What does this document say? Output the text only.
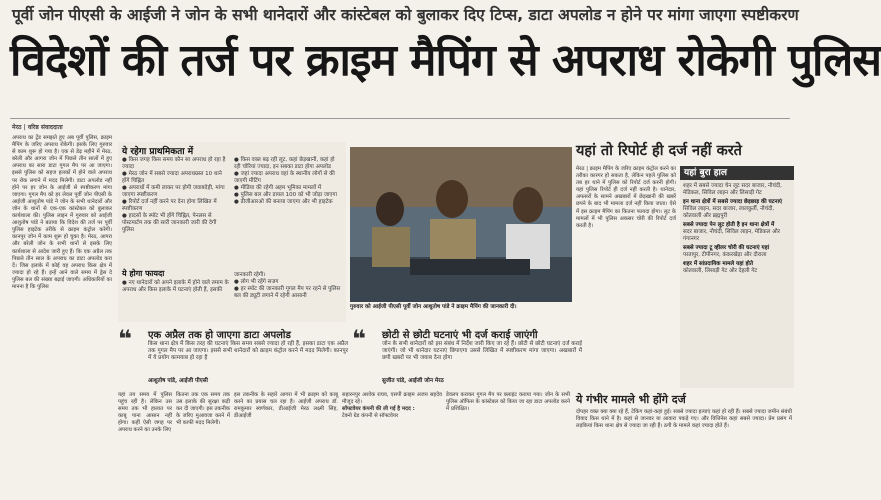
पूर्वी जोन पीएसी के आईजी ने जोन के सभी थानेदारों और कांस्टेबल को बुलाकर दिए टिप्स, डाटा अपलोड न होने पर मांगा जाएगा स्पष्टीकरण
विदेशों की तर्ज पर क्राइम मैपिंग से अपराध रोकेगी पुलिस
मेरठ | वरिष्ठ संवाददाता
अपराध का ट्रेंड समझते हुए अब पूर्वी पुलिस, क्राइम मैपिंग के जरिए अपराध रोकेगी। इसके लिए गुरुवार से काम शुरू हो गया है। एक से डेढ़ महीने में मेरठ, बरेली और आगरा जोन में पिछले तीन सालों में हुए अपराध का सारा डाटा गूगल मैप पर आ जाएगा। इससे पुलिस को सहज हलकों में होने वाले अपराध पर रोक लगाने में मदद मिलेगी। डाटा अपलोड नहीं होने पर हर जोन के आईजी से स्पष्टीकरण मांगा जाएगा। गूगल मैप को हर लेवल पूर्वी जोन पीएसी के आईजी आशुतोष पांडे ने जोन के सभी थानेदारों और जोन के थानों से एक-एक कांस्टेबल को बुलाकर कार्यशाला की। पुलिस लाइन में गुरुवार को आईजी आशुतोष पांडे ने बताया कि विदेश की तर्ज पर पूर्वी पुलिस हाइटेक तरीके से क्राइम कंट्रोल करेगी। कानपुर जोन में काम शुरू हो चुका है। मेरठ, आगरा और बरेली जोन के सभी थानों से इसके लिए कार्यशाला से आदेश जारी हुए हैं। कि एक अप्रैल तक पिछले तीन साल के अपराध का डाटा अपलोड करा दें। जिस इलाके में कोई वह अपराध किस क्षेत्र में ज्यादा हो रहे हैं। इन्हें आने वाले समय में ड्रेस दे पुलिस बल की संख्या बढ़ाई जाएगी। अधिकारियों का मानना है कि पुलिस
ये रहेगा प्राथमिकता में
● किस जगह किस समय कौन सा अपराध हो रहा है ज्यादा
● मेरठ जोन में सबसे ज्यादा अपराधग्रस्त 10 थाने होंगे चिह्नित
● अपराधों में कमी लाकर पर होगी जवाबदेही, मांगा जाएगा स्पष्टीकरण
● रिपोर्ट दर्ज नहीं करने पर देना होगा लिखित में स्पष्टीकरण
● हादसों के स्पॉट भी होंगे चिह्नित, पेनलस से पोस्टमार्टम तक की सारी जानकारी जारी की देगी पुलिस
● किस वक्त बढ़ रही लूट, कहां छेड़खानी, कहां हो रही चोरियां ज्यादा, इन सबका डाटा होगा अपलोड
● जहां ज्यादा अपराध वहां के स्थानीय लोगों से की जाएगी मीटिंग
● मीडिया की रहेगी अहम भूमिका मामलों में
● पुलिस बल और डायल 100 को भी जोड़ा जाएगा
● डीजीआरओ की बनाया जाएगा और भी हाइटेक
ये होगा फायदा
● नए थानेदारों को अपने इलाके में होने वाले तमाम के अपराध और किस इलाके में घटनाएं होती हैं, इसकी
जानकारी रहेगी।
● लोग भी रहेंगे सजग
● हर स्पॉट की जानकारी गूगल मैप पर रहने से पुलिस बल की ड्यूटी लगाने में रहेगी आसानी
गुरुवार को आईजी पीएसी पूर्वी जोन आशुतोष पांडे ने क्राइम मैपिंग की जानकारी दी।
❝	एक अप्रैल तक हो जाएगा डाटा अपलोड
किस थाना क्षेत्र में किस तरह की घटनाएं किस समय सबसे ज्यादा हो रही हैं, इसका डाटा एक अप्रैल तक गूगल मैप पर आ जाएगा। इससे सभी थानेदारों को क्राइम कंट्रोल करने में मदद मिलेगी। कानपुर में ये प्रयोग कामयाब हो रहा है
आशुतोष पांडे, आईजी पीएसी
❝	छोटी से छोटी घटनाएं भी दर्ज कराई जाएंगी
जोन के सभी थानेदारों को इस संबंध में निर्देश जारी किए जा रहे हैं। छोटी से छोटी घटनाएं दर्ज कराई जाएंगी। जो भी थानेदार घटनाएं छिपाएगा उससे लिखित में स्पष्टीकरण मांगा जाएगा। अखबारों में छपी खबरों पर भी जवाब देना होगा
सुजीत पांडे, आईजी जोन मेरठ
यहां तय समय में पुलिस पहुंच रही है। लेकिन उस समय तक भी हालात पर काबू पाना आसान नहीं होगा। कहीं ऐसी जगह पर अपराध करने का उनके लिए
कितना तक एक समय तक उस इलाके की सुरक्षा कड़ी कर दी जाएगी। इस तकनीक के जरिए मुआवजा करने में भी काफी मदद मिलेगी।
इस तकनीक के सहारे आगरा में भी क्राइम को काबू करने का प्रयास चल रहा है। आईजी अपराध डॉ. रामकुमार स्वर्णकार, डीआईजी मेरठ लक्ष्मी सिंह, डीआईजी
सहारनपुर अशोक राघव, एसपी क्राइम अजय सहदेव मौजूद रहे।
सॉफ्टवेयर कंपनी की ली गई है मदद :
टेक्नो ग्रेड कंपनी से सॉफ्टवेयर
डेवलप कराकर गूगल मैप पर क्लाइंट कराया गया। जोन के सभी पुलिस ऑफिस के कांस्टेबल को किया जा रहा डाटा अपलोड करने में प्रशिक्षित।
यहां तो रिपोर्ट ही दर्ज नहीं करते
मेरठ | क्राइम मैपिंग के जरिए क्राइम कंट्रोल करने का तरीका कारगर हो सकता है, लेकिन पहले पुलिस को तब हर थाने में पुलिस को रिपोर्ट दर्ज करनी होगी। यहां पुलिस रिपोर्ट ही दर्ज नहीं करती है। थानेदार, अफसरों के सामने अखबारों में छेड़खानी की खबरें छपने के बाद भी मामला दर्ज नहीं किया जाता। ऐसे में इस क्राइम मैपिंग का कितना फायदा होगा। लूट के मामलों में भी पुलिस अकसर चोरी की रिपोर्ट दर्ज करती है।
यहां बुरा हाल
शहर में सबसे ज्यादा चेन लूट सदर बाजार, नौचंदी, मेडिकल, सिविल लाइन और लिसाड़ी गेट
इन थाना क्षेत्रों में सबसे ज्यादा छेड़छाड़ की घटनाएं
सिविल लाइन, सदर बाजार, लालकुर्ती, नौचंदी, कोतवाली और ब्रह्मपुरी
सबसे ज्यादा पेन लूट होती है इन थाना क्षेत्रों में
सदर बाजार, नौचंदी, सिविल लाइन, मेडिकल और गंगानगर
सबसे ज्यादा टू व्हीलर चोरी की घटनाएं यहां
परतापुर, टीपीनगर, कंकरखेड़ा और दौराला
शहर में सांप्रदायिक मामले यहां होते
कोतवाली, लिसाड़ी गेट और देहली गेट
ये गंभीर मामले भी होंगे दर्ज
दोपहर वक्त क्या क्या रहे हैं, टेकिंग कहां-कहां हुई। सबसे ज्यादा हत्याएं कहां हो रही हैं। सबसे ज्यादा जमीन संबंधी विवाद किस थाने में है। कहां से जानवर या आवारा पकड़े गए। और वित्तिनेस कहां सबसे ज्यादा। प्रेम प्रसंग में लड़कियां किस थाना क्षेत्र से ज्यादा जा रही हैं। ठगी के मामले कहां ज्यादा होते हैं।
